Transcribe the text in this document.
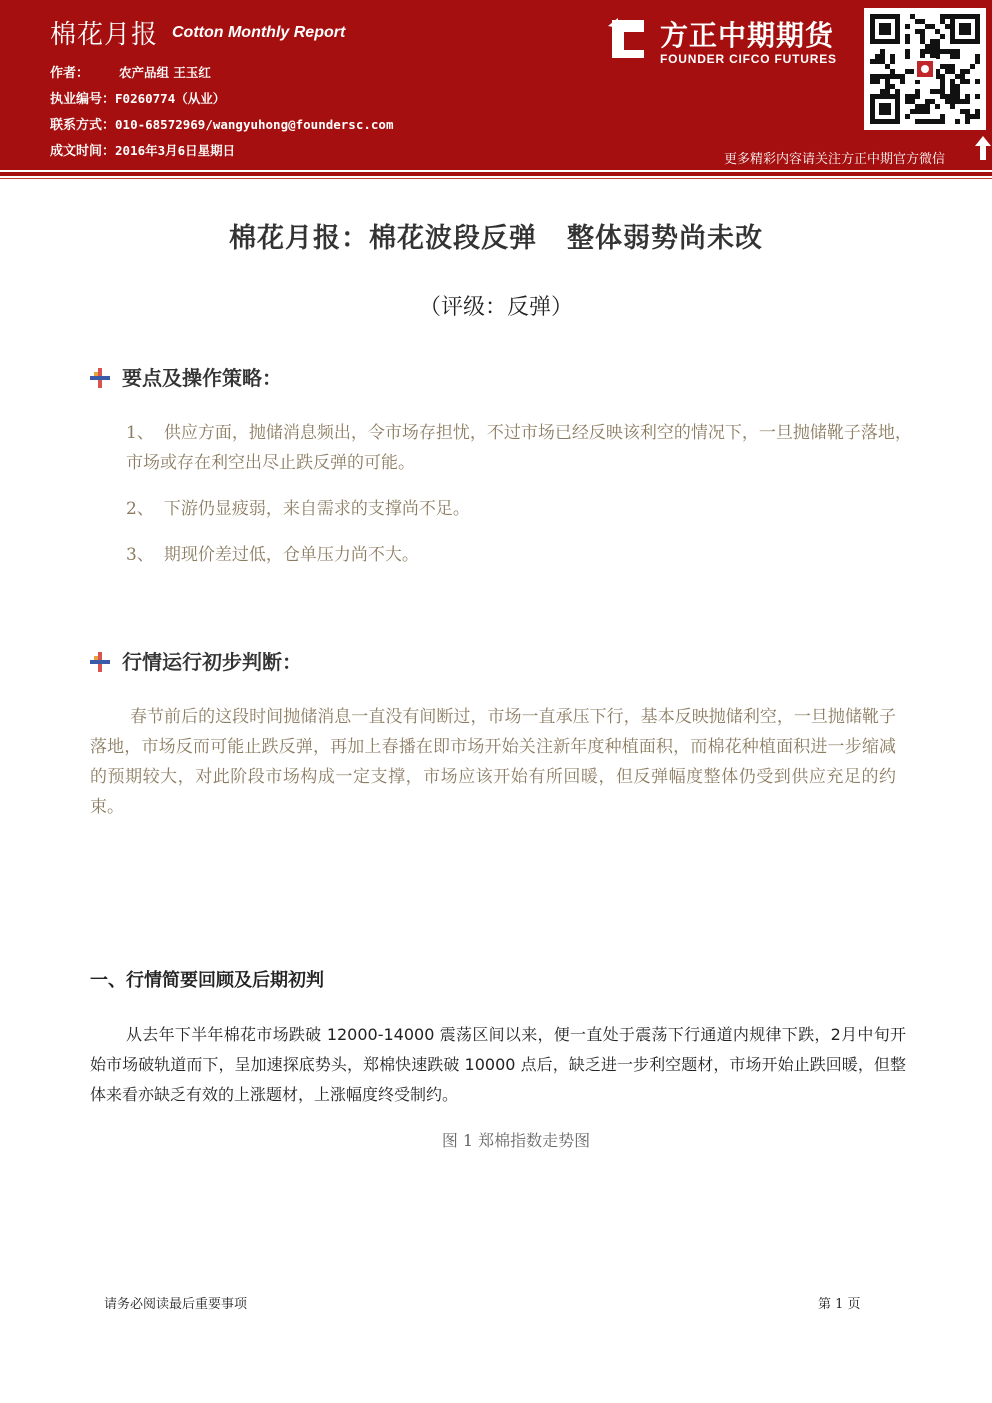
棉花月报 Cotton Monthly Report
作者： 农产品组 王玉红
执业编号：F0260774（从业）
联系方式：010-68572969/wangyuhong@foundersc.com
成文时间：2016年3月6日星期日
方正中期期货
FOUNDER CIFCO FUTURES
更多精彩内容请关注方正中期官方微信
棉花月报：棉花波段反弹 整体弱势尚未改
（评级：反弹）
要点及操作策略：
1、 供应方面，抛储消息频出，令市场存担忧，不过市场已经反映该利空的情况下，一旦抛储靴子落地，市场或存在利空出尽止跌反弹的可能。
2、 下游仍显疲弱，来自需求的支撑尚不足。
3、 期现价差过低，仓单压力尚不大。
行情运行初步判断：
春节前后的这段时间抛储消息一直没有间断过，市场一直承压下行，基本反映抛储利空，一旦抛储靴子落地，市场反而可能止跌反弹，再加上春播在即市场开始关注新年度种植面积，而棉花种植面积进一步缩减的预期较大，对此阶段市场构成一定支撑，市场应该开始有所回暖，但反弹幅度整体仍受到供应充足的约束。
一、行情简要回顾及后期初判
从去年下半年棉花市场跌破 12000-14000 震荡区间以来，便一直处于震荡下行通道内规律下跌，2月中旬开始市场破轨道而下，呈加速探底势头，郑棉快速跌破 10000 点后，缺乏进一步利空题材，市场开始止跌回暖，但整体来看亦缺乏有效的上涨题材，上涨幅度终受制约。
图 1 郑棉指数走势图
请务必阅读最后重要事项	第 1 页
